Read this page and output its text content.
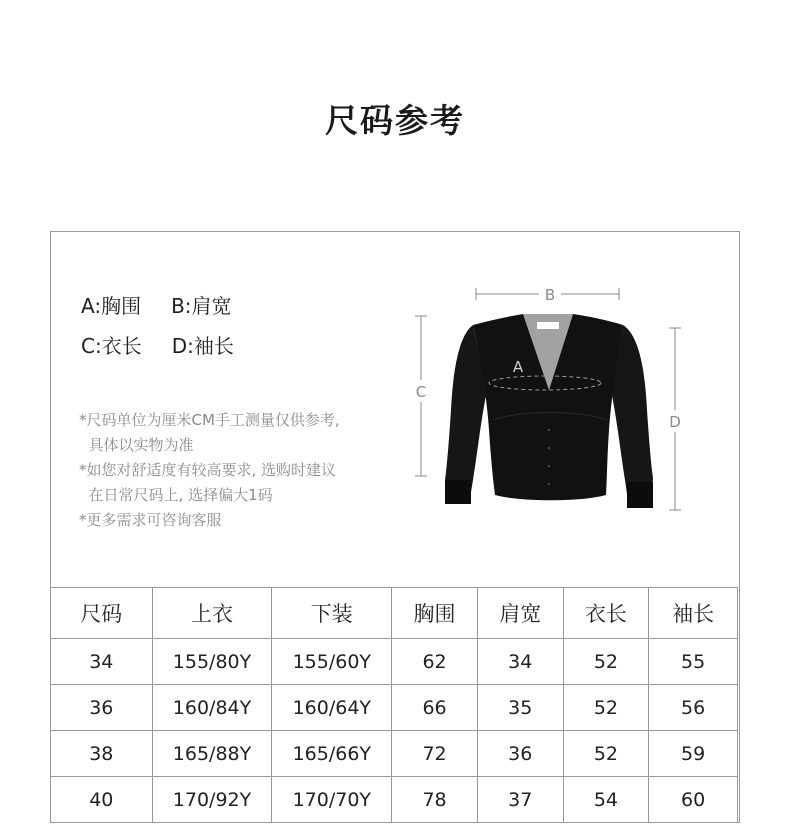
尺码参考
A:胸围 B:肩宽
C:衣长 D:袖长
*尺码单位为厘米CM手工测量仅供参考,
具体以实物为准
*如您对舒适度有较高要求, 选购时建议
在日常尺码上, 选择偏大1码
*更多需求可咨询客服
B
C
D
A
尺码	上衣	下装	胸围	肩宽	衣长	袖长
34	155/80Y	155/60Y	62	34	52	55
36	160/84Y	160/64Y	66	35	52	56
38	165/88Y	165/66Y	72	36	52	59
40	170/92Y	170/70Y	78	37	54	60
